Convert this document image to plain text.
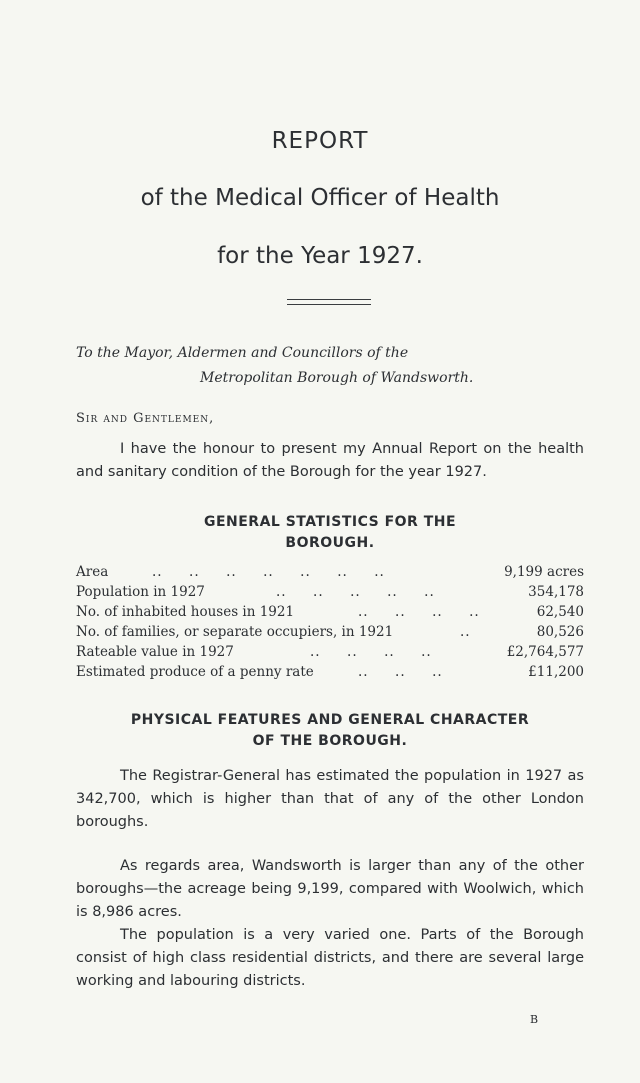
REPORT
of the Medical Officer of Health
for the Year 1927.
To the Mayor, Aldermen and Councillors of the
Metropolitan Borough of Wandsworth.
Sir and Gentlemen,
I have the honour to present my Annual Report on the health and sanitary condition of the Borough for the year 1927.
GENERAL STATISTICS FOR THE
BOROUGH.
..     ..     ..     ..     ..     ..     ..
Area	9,199 acres
..     ..     ..     ..     ..
Population in 1927	354,178
..     ..     ..     ..
No. of inhabited houses in 1921	62,540
..
No. of families, or separate occupiers, in 1921	80,526
..     ..     ..     ..
Rateable value in 1927	£2,764,577
..     ..     ..
Estimated produce of a penny rate	£11,200
PHYSICAL FEATURES AND GENERAL CHARACTER
OF THE BOROUGH.
The Registrar-General has estimated the population in 1927 as 342,700, which is higher than that of any of the other London boroughs.
As regards area, Wandsworth is larger than any of the other boroughs—the acreage being 9,199, compared with Woolwich, which is 8,986 acres.
The population is a very varied one. Parts of the Borough consist of high class residential districts, and there are several large working and labouring districts.
B
